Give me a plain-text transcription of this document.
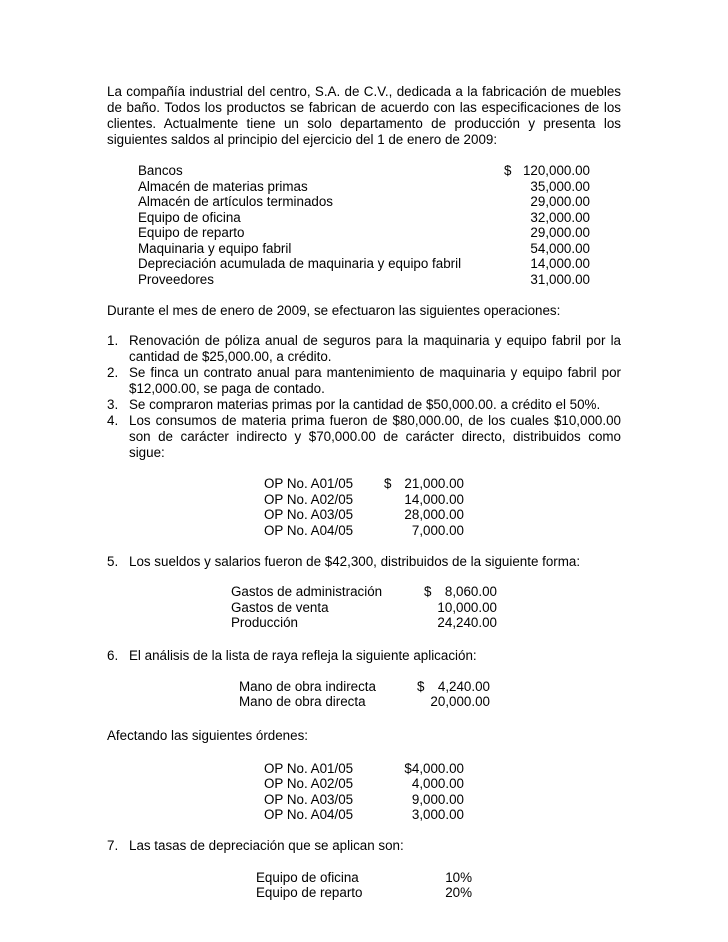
La compañía industrial del centro, S.A. de C.V., dedicada a la fabricación de muebles de baño. Todos los productos se fabrican de acuerdo con las especificaciones de los clientes. Actualmente tiene un solo departamento de producción y presenta los siguientes saldos al principio del ejercicio del 1 de enero de 2009:

Bancos	$ 120,000.00
Almacén de materias primas	35,000.00
Almacén de artículos terminados	29,000.00
Equipo de oficina	32,000.00
Equipo de reparto	29,000.00
Maquinaria y equipo fabril	54,000.00
Depreciación acumulada de maquinaria y equipo fabril	14,000.00
Proveedores	31,000.00

Durante el mes de enero de 2009, se efectuaron las siguientes operaciones:

1. Renovación de póliza anual de seguros para la maquinaria y equipo fabril por la cantidad de $25,000.00, a crédito.
2. Se finca un contrato anual para mantenimiento de maquinaria y equipo fabril por $12,000.00, se paga de contado.
3. Se compraron materias primas por la cantidad de $50,000.00. a crédito el 50%.
4. Los consumos de materia prima fueron de $80,000.00, de los cuales $10,000.00 son de carácter indirecto y $70,000.00 de carácter directo, distribuidos como sigue:
OP No. A01/05 $ 21,000.00
OP No. A02/05	14,000.00
OP No. A03/05	28,000.00
OP No. A04/05	7,000.00
5. Los sueldos y salarios fueron de $42,300, distribuidos de la siguiente forma:
Gastos de administración	$ 8,060.00
Gastos de venta	10,000.00
Producción	24,240.00
6. El análisis de la lista de raya refleja la siguiente aplicación:
Mano de obra indirecta	$ 4,240.00
Mano de obra directa	20,000.00

Afectando las siguientes órdenes:

OP No. A01/05	$4,000.00
OP No. A02/05	4,000.00
OP No. A03/05	9,000.00
OP No. A04/05	3,000.00
7. Las tasas de depreciación que se aplican son:
Equipo de oficina	10%
Equipo de reparto	20%
